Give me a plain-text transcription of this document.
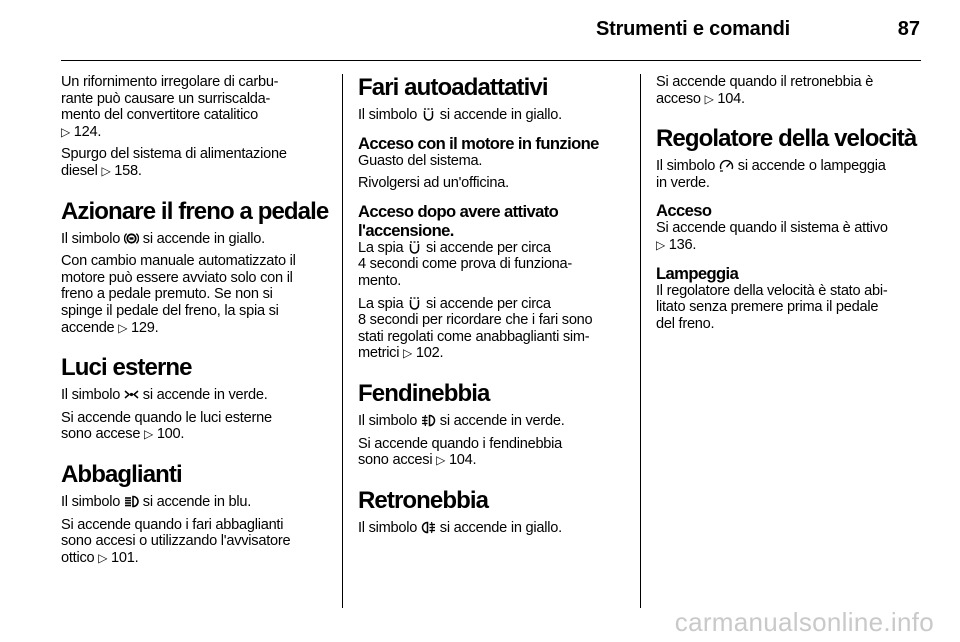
Strumenti e comandi	87

Un rifornimento irregolare di carbu-
rante può causare un surriscalda-
mento del convertitore catalitico
▷ 124.

Spurgo del sistema di alimentazione
diesel ▷ 158.

Azionare il freno a pedale

Il simbolo si accende in giallo.

Con cambio manuale automatizzato il
motore può essere avviato solo con il
freno a pedale premuto. Se non si
spinge il pedale del freno, la spia si
accende ▷ 129.

Luci esterne

Il simbolo si accende in verde.

Si accende quando le luci esterne
sono accese ▷ 100.

Abbaglianti

Il simbolo si accende in blu.

Si accende quando i fari abbaglianti
sono accesi o utilizzando l'avvisatore
ottico ▷ 101.

Fari autoadattativi

Il simbolo si accende in giallo.

Acceso con il motore in funzione

Guasto del sistema.

Rivolgersi ad un'officina.

Acceso dopo avere attivato
l'accensione.

La spia si accende per circa
4 secondi come prova di funziona-
mento.

La spia si accende per circa
8 secondi per ricordare che i fari sono
stati regolati come anabbaglianti sim-
metrici ▷ 102.

Fendinebbia

Il simbolo si accende in verde.

Si accende quando i fendinebbia
sono accesi ▷ 104.

Retronebbia

Il simbolo si accende in giallo.

Si accende quando il retronebbia è
acceso ▷ 104.

Regolatore della velocità

Il simbolo si accende o lampeggia
in verde.

Acceso

Si accende quando il sistema è attivo
▷ 136.

Lampeggia

Il regolatore della velocità è stato abi-
litato senza premere prima il pedale
del freno.

carmanualsonline.info
